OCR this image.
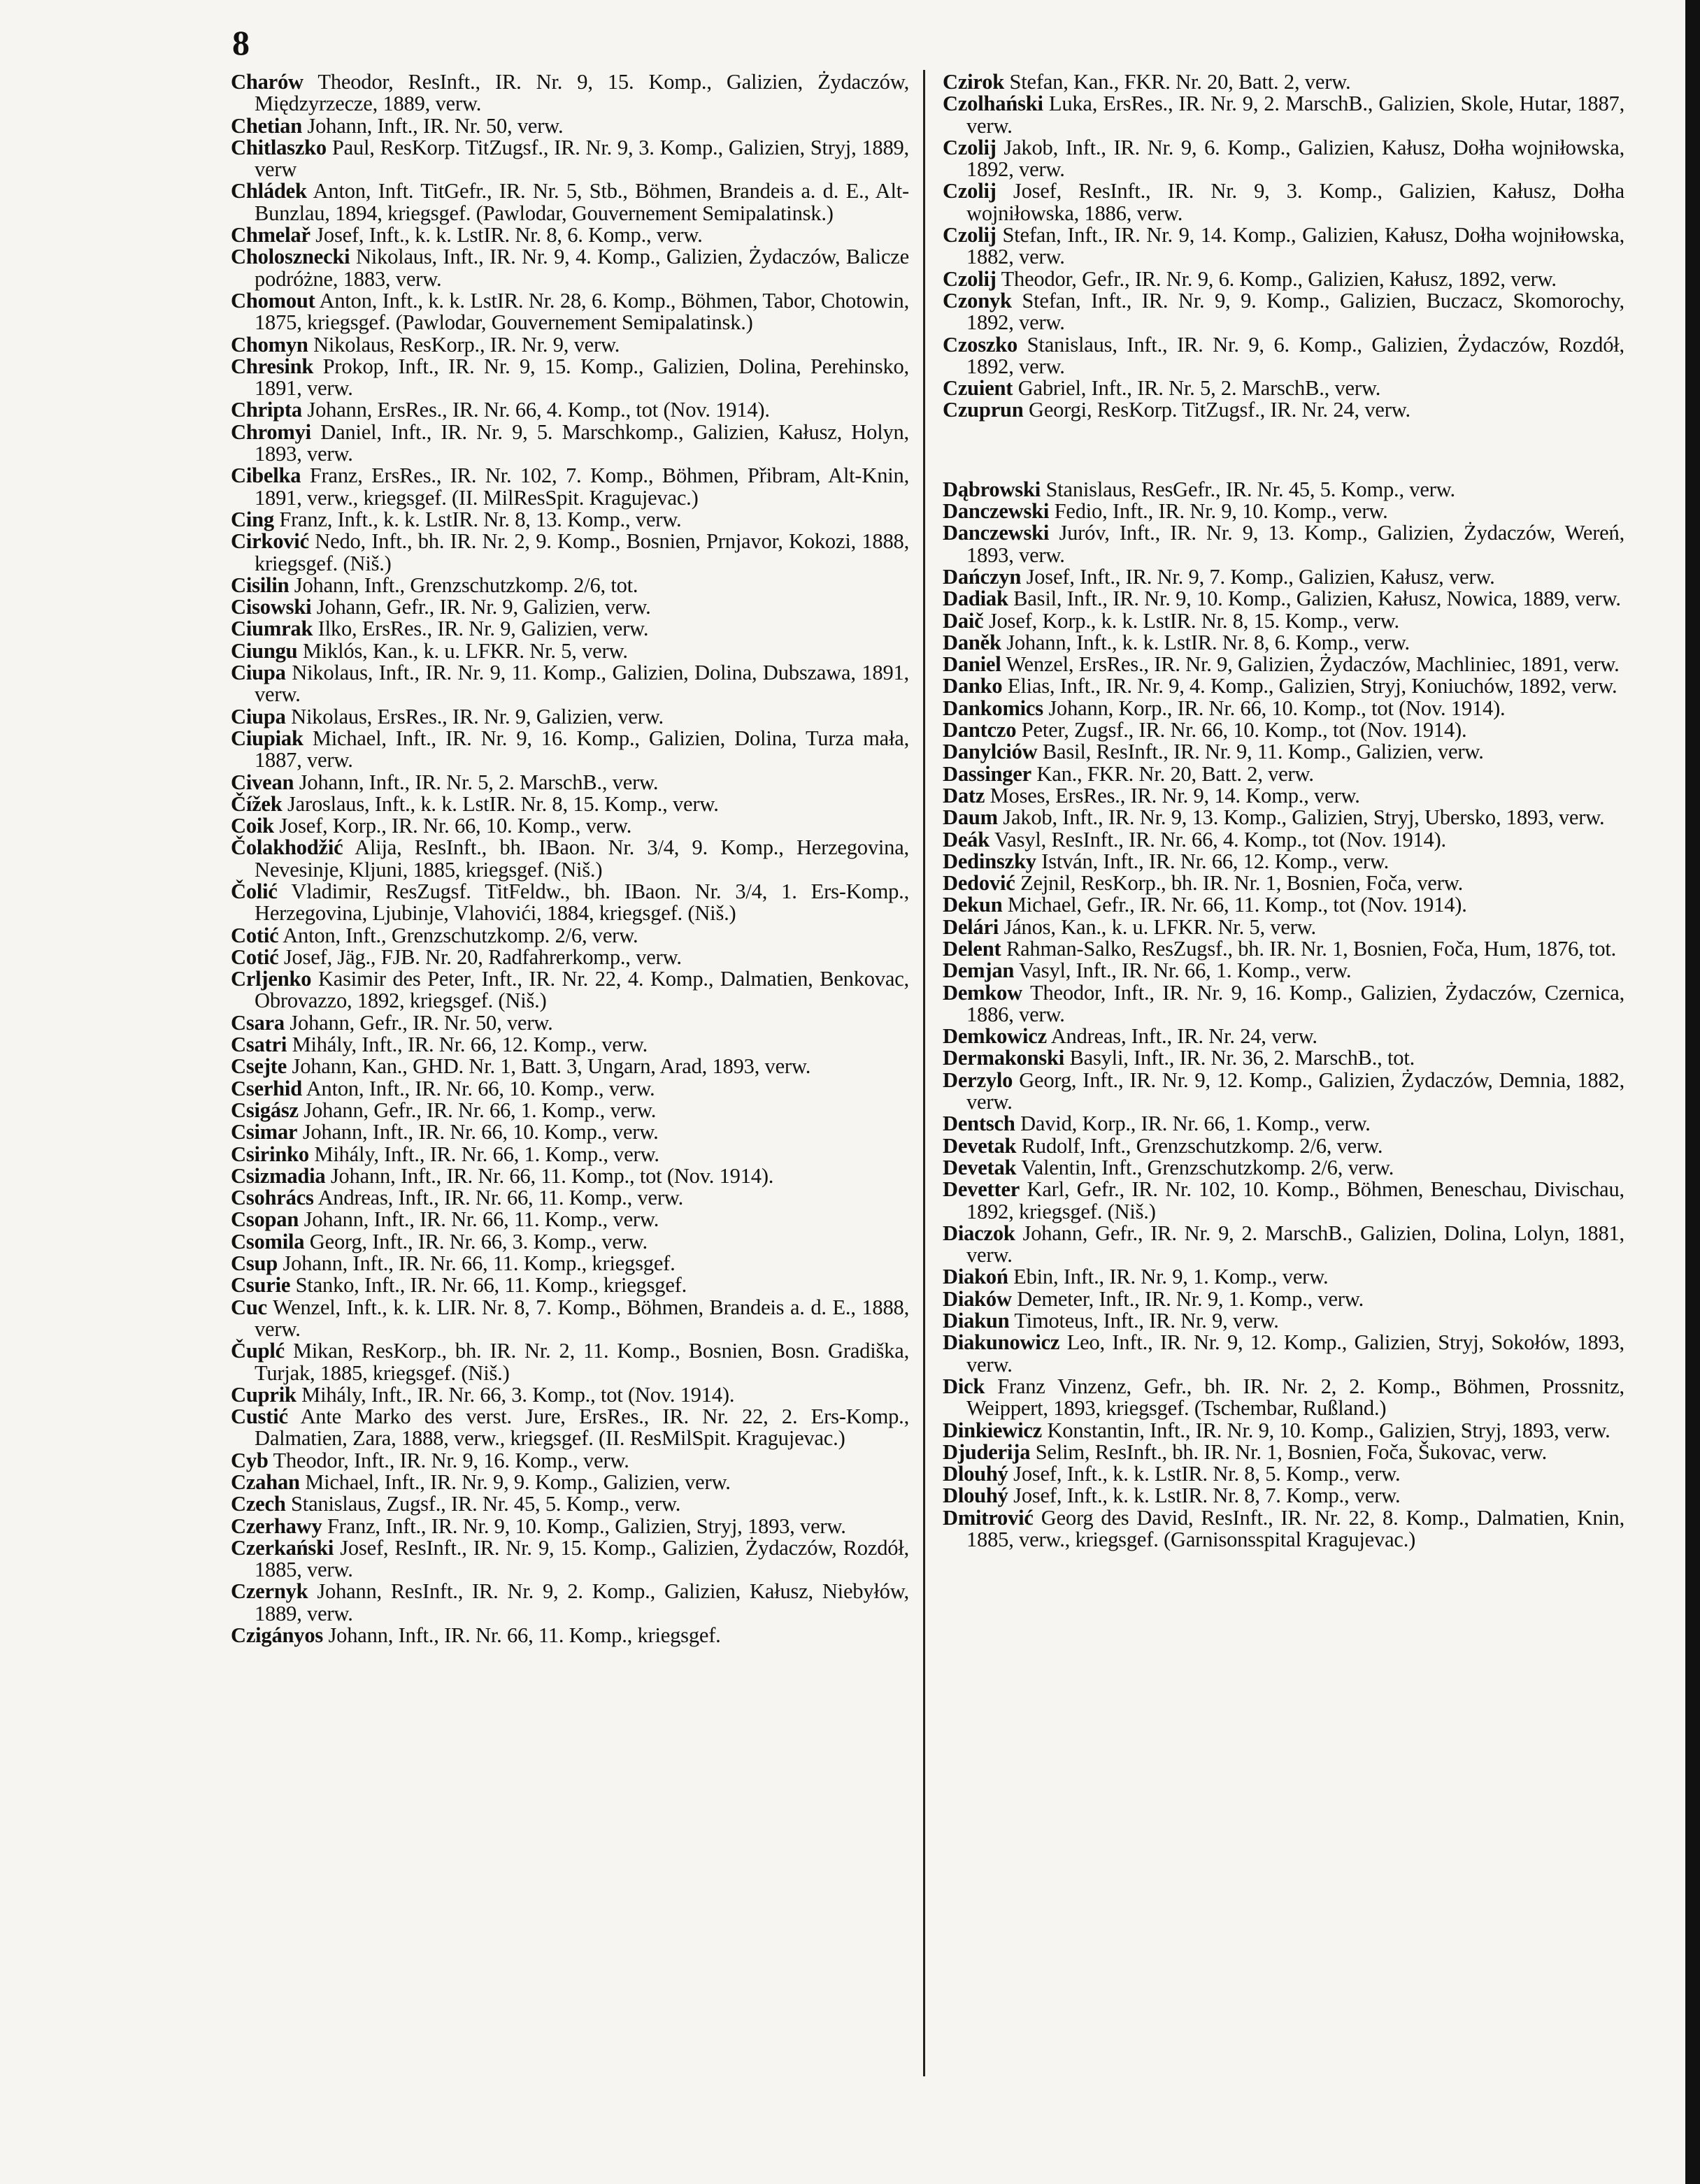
8

Charów Theodor, ResInft., IR. Nr. 9, 15. Komp., Galizien, Żydaczów, Międzyrzecze, 1889, verw.

Chetian Johann, Inft., IR. Nr. 50, verw.

Chitlaszko Paul, ResKorp. TitZugsf., IR. Nr. 9, 3. Komp., Galizien, Stryj, 1889, verw

Chládek Anton, Inft. TitGefr., IR. Nr. 5, Stb., Böhmen, Brandeis a. d. E., Alt-Bunzlau, 1894, kriegsgef. (Pawlodar, Gouvernement Semipalatinsk.)

Chmelař Josef, Inft., k. k. LstIR. Nr. 8, 6. Komp., verw.

Cholosznecki Nikolaus, Inft., IR. Nr. 9, 4. Komp., Galizien, Żydaczów, Balicze podróżne, 1883, verw.

Chomout Anton, Inft., k. k. LstIR. Nr. 28, 6. Komp., Böhmen, Tabor, Chotowin, 1875, kriegsgef. (Pawlodar, Gouvernement Semipalatinsk.)

Chomyn Nikolaus, ResKorp., IR. Nr. 9, verw.

Chresink Prokop, Inft., IR. Nr. 9, 15. Komp., Galizien, Dolina, Perehinsko, 1891, verw.

Chripta Johann, ErsRes., IR. Nr. 66, 4. Komp., tot (Nov. 1914).

Chromyi Daniel, Inft., IR. Nr. 9, 5. Marschkomp., Galizien, Kałusz, Holyn, 1893, verw.

Cibelka Franz, ErsRes., IR. Nr. 102, 7. Komp., Böhmen, Přibram, Alt-Knin, 1891, verw., kriegsgef. (II. MilResSpit. Kragujevac.)

Cing Franz, Inft., k. k. LstIR. Nr. 8, 13. Komp., verw.

Cirković Nedo, Inft., bh. IR. Nr. 2, 9. Komp., Bosnien, Prnjavor, Kokozi, 1888, kriegsgef. (Niš.)

Cisilin Johann, Inft., Grenzschutzkomp. 2/6, tot.

Cisowski Johann, Gefr., IR. Nr. 9, Galizien, verw.

Ciumrak Ilko, ErsRes., IR. Nr. 9, Galizien, verw.

Ciungu Miklós, Kan., k. u. LFKR. Nr. 5, verw.

Ciupa Nikolaus, Inft., IR. Nr. 9, 11. Komp., Galizien, Dolina, Dubszawa, 1891, verw.

Ciupa Nikolaus, ErsRes., IR. Nr. 9, Galizien, verw.

Ciupiak Michael, Inft., IR. Nr. 9, 16. Komp., Galizien, Dolina, Turza mała, 1887, verw.

Civean Johann, Inft., IR. Nr. 5, 2. MarschB., verw.

Čížek Jaroslaus, Inft., k. k. LstIR. Nr. 8, 15. Komp., verw.

Coik Josef, Korp., IR. Nr. 66, 10. Komp., verw.

Čolakhodžić Alija, ResInft., bh. IBaon. Nr. 3/4, 9. Komp., Herzegovina, Nevesinje, Kljuni, 1885, kriegsgef. (Niš.)

Čolić Vladimir, ResZugsf. TitFeldw., bh. IBaon. Nr. 3/4, 1. Ers-Komp., Herzegovina, Ljubinje, Vlahovići, 1884, kriegsgef. (Niš.)

Cotić Anton, Inft., Grenzschutzkomp. 2/6, verw.

Cotić Josef, Jäg., FJB. Nr. 20, Radfahrerkomp., verw.

Crljenko Kasimir des Peter, Inft., IR. Nr. 22, 4. Komp., Dalmatien, Benkovac, Obrovazzo, 1892, kriegsgef. (Niš.)

Csara Johann, Gefr., IR. Nr. 50, verw.

Csatri Mihály, Inft., IR. Nr. 66, 12. Komp., verw.

Csejte Johann, Kan., GHD. Nr. 1, Batt. 3, Ungarn, Arad, 1893, verw.

Cserhid Anton, Inft., IR. Nr. 66, 10. Komp., verw.

Csigász Johann, Gefr., IR. Nr. 66, 1. Komp., verw.

Csimar Johann, Inft., IR. Nr. 66, 10. Komp., verw.

Csirinko Mihály, Inft., IR. Nr. 66, 1. Komp., verw.

Csizmadia Johann, Inft., IR. Nr. 66, 11. Komp., tot (Nov. 1914).

Csohrács Andreas, Inft., IR. Nr. 66, 11. Komp., verw.

Csopan Johann, Inft., IR. Nr. 66, 11. Komp., verw.

Csomila Georg, Inft., IR. Nr. 66, 3. Komp., verw.

Csup Johann, Inft., IR. Nr. 66, 11. Komp., kriegsgef.

Csurie Stanko, Inft., IR. Nr. 66, 11. Komp., kriegsgef.

Cuc Wenzel, Inft., k. k. LIR. Nr. 8, 7. Komp., Böhmen, Brandeis a. d. E., 1888, verw.

Čuplć Mikan, ResKorp., bh. IR. Nr. 2, 11. Komp., Bosnien, Bosn. Gradiška, Turjak, 1885, kriegsgef. (Niš.)

Cuprik Mihály, Inft., IR. Nr. 66, 3. Komp., tot (Nov. 1914).

Custić Ante Marko des verst. Jure, ErsRes., IR. Nr. 22, 2. Ers-Komp., Dalmatien, Zara, 1888, verw., kriegsgef. (II. ResMilSpit. Kragujevac.)

Cyb Theodor, Inft., IR. Nr. 9, 16. Komp., verw.

Czahan Michael, Inft., IR. Nr. 9, 9. Komp., Galizien, verw.

Czech Stanislaus, Zugsf., IR. Nr. 45, 5. Komp., verw.

Czerhawy Franz, Inft., IR. Nr. 9, 10. Komp., Galizien, Stryj, 1893, verw.

Czerkański Josef, ResInft., IR. Nr. 9, 15. Komp., Galizien, Żydaczów, Rozdół, 1885, verw.

Czernyk Johann, ResInft., IR. Nr. 9, 2. Komp., Galizien, Kałusz, Niebyłów, 1889, verw.

Czigányos Johann, Inft., IR. Nr. 66, 11. Komp., kriegsgef.

Czirok Stefan, Kan., FKR. Nr. 20, Batt. 2, verw.

Czolhański Luka, ErsRes., IR. Nr. 9, 2. MarschB., Galizien, Skole, Hutar, 1887, verw.

Czolij Jakob, Inft., IR. Nr. 9, 6. Komp., Galizien, Kałusz, Dołha wojniłowska, 1892, verw.

Czolij Josef, ResInft., IR. Nr. 9, 3. Komp., Galizien, Kałusz, Dołha wojniłowska, 1886, verw.

Czolij Stefan, Inft., IR. Nr. 9, 14. Komp., Galizien, Kałusz, Dołha wojniłowska, 1882, verw.

Czolij Theodor, Gefr., IR. Nr. 9, 6. Komp., Galizien, Kałusz, 1892, verw.

Czonyk Stefan, Inft., IR. Nr. 9, 9. Komp., Galizien, Buczacz, Skomorochy, 1892, verw.

Czoszko Stanislaus, Inft., IR. Nr. 9, 6. Komp., Galizien, Żydaczów, Rozdół, 1892, verw.

Czuient Gabriel, Inft., IR. Nr. 5, 2. MarschB., verw.

Czuprun Georgi, ResKorp. TitZugsf., IR. Nr. 24, verw.

Dąbrowski Stanislaus, ResGefr., IR. Nr. 45, 5. Komp., verw.

Danczewski Fedio, Inft., IR. Nr. 9, 10. Komp., verw.

Danczewski Juróv, Inft., IR. Nr. 9, 13. Komp., Galizien, Żydaczów, Wereń, 1893, verw.

Dańczyn Josef, Inft., IR. Nr. 9, 7. Komp., Galizien, Kałusz, verw.

Dadiak Basil, Inft., IR. Nr. 9, 10. Komp., Galizien, Kałusz, Nowica, 1889, verw.

Daič Josef, Korp., k. k. LstIR. Nr. 8, 15. Komp., verw.

Daněk Johann, Inft., k. k. LstIR. Nr. 8, 6. Komp., verw.

Daniel Wenzel, ErsRes., IR. Nr. 9, Galizien, Żydaczów, Machliniec, 1891, verw.

Danko Elias, Inft., IR. Nr. 9, 4. Komp., Galizien, Stryj, Koniuchów, 1892, verw.

Dankomics Johann, Korp., IR. Nr. 66, 10. Komp., tot (Nov. 1914).

Dantczo Peter, Zugsf., IR. Nr. 66, 10. Komp., tot (Nov. 1914).

Danylciów Basil, ResInft., IR. Nr. 9, 11. Komp., Galizien, verw.

Dassinger Kan., FKR. Nr. 20, Batt. 2, verw.

Datz Moses, ErsRes., IR. Nr. 9, 14. Komp., verw.

Daum Jakob, Inft., IR. Nr. 9, 13. Komp., Galizien, Stryj, Ubersko, 1893, verw.

Deák Vasyl, ResInft., IR. Nr. 66, 4. Komp., tot (Nov. 1914).

Dedinszky István, Inft., IR. Nr. 66, 12. Komp., verw.

Dedović Zejnil, ResKorp., bh. IR. Nr. 1, Bosnien, Foča, verw.

Dekun Michael, Gefr., IR. Nr. 66, 11. Komp., tot (Nov. 1914).

Delári János, Kan., k. u. LFKR. Nr. 5, verw.

Delent Rahman-Salko, ResZugsf., bh. IR. Nr. 1, Bosnien, Foča, Hum, 1876, tot.

Demjan Vasyl, Inft., IR. Nr. 66, 1. Komp., verw.

Demkow Theodor, Inft., IR. Nr. 9, 16. Komp., Galizien, Żydaczów, Czernica, 1886, verw.

Demkowicz Andreas, Inft., IR. Nr. 24, verw.

Dermakonski Basyli, Inft., IR. Nr. 36, 2. MarschB., tot.

Derzylo Georg, Inft., IR. Nr. 9, 12. Komp., Galizien, Żydaczów, Demnia, 1882, verw.

Dentsch David, Korp., IR. Nr. 66, 1. Komp., verw.

Devetak Rudolf, Inft., Grenzschutzkomp. 2/6, verw.

Devetak Valentin, Inft., Grenzschutzkomp. 2/6, verw.

Devetter Karl, Gefr., IR. Nr. 102, 10. Komp., Böhmen, Beneschau, Divischau, 1892, kriegsgef. (Niš.)

Diaczok Johann, Gefr., IR. Nr. 9, 2. MarschB., Galizien, Dolina, Lolyn, 1881, verw.

Diakoń Ebin, Inft., IR. Nr. 9, 1. Komp., verw.

Diaków Demeter, Inft., IR. Nr. 9, 1. Komp., verw.

Diakun Timoteus, Inft., IR. Nr. 9, verw.

Diakunowicz Leo, Inft., IR. Nr. 9, 12. Komp., Galizien, Stryj, Sokołów, 1893, verw.

Dick Franz Vinzenz, Gefr., bh. IR. Nr. 2, 2. Komp., Böhmen, Prossnitz, Weippert, 1893, kriegsgef. (Tschembar, Rußland.)

Dinkiewicz Konstantin, Inft., IR. Nr. 9, 10. Komp., Galizien, Stryj, 1893, verw.

Djuderija Selim, ResInft., bh. IR. Nr. 1, Bosnien, Foča, Šukovac, verw.

Dlouhý Josef, Inft., k. k. LstIR. Nr. 8, 5. Komp., verw.

Dlouhý Josef, Inft., k. k. LstIR. Nr. 8, 7. Komp., verw.

Dmitrović Georg des David, ResInft., IR. Nr. 22, 8. Komp., Dalmatien, Knin, 1885, verw., kriegsgef. (Garnisonsspital Kragujevac.)
